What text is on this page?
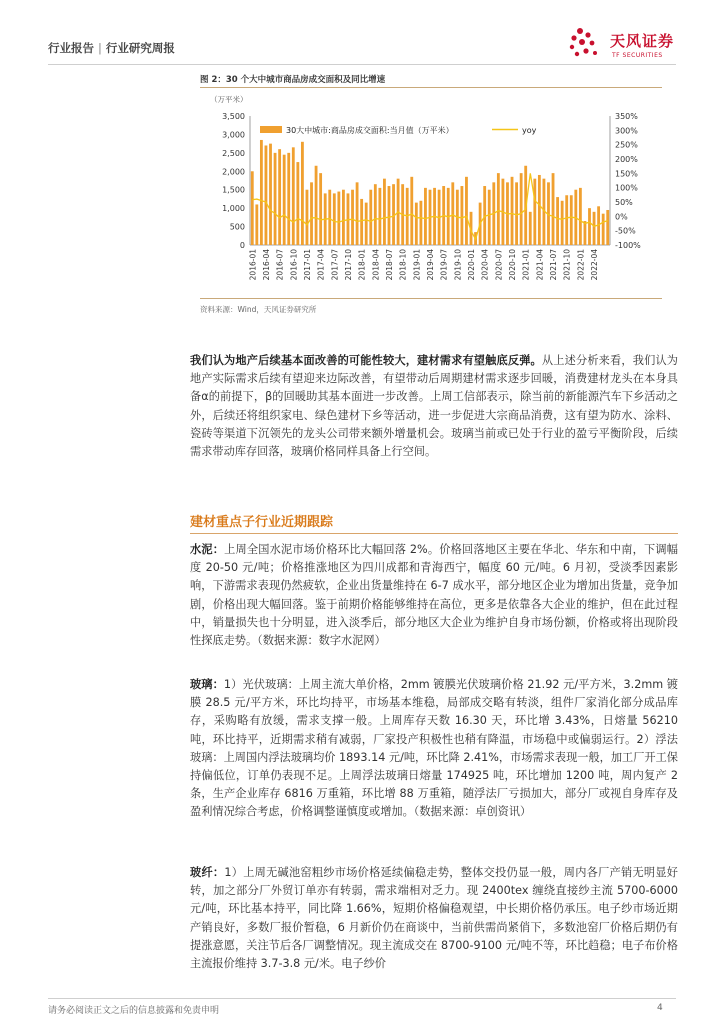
行业报告 | 行业研究周报	天风证券
TF SECURITIES
图 2：30 个大中城市商品房成交面积及同比增速
（万平米）
3,500
3,000
2,500
2,000
1,500
1,000
500
0
350%
300%
250%
200%
150%
100%
50%
0%
-50%
-100%
2016-01 2016-04 2016-07 2016-10 2017-01 2017-04 2017-07 2017-10 2018-01 2018-04 2018-07 2018-10 2019-01 2019-04 2019-07 2019-10 2020-01 2020-04 2020-07 2020-10 2021-01 2021-04 2021-07 2021-10 2022-01 2022-04
30大中城市:商品房成交面积:当月值（万平米）	yoy
资料来源：Wind，天风证券研究所
我们认为地产后续基本面改善的可能性较大，建材需求有望触底反弹。从上述分析来看，我们认为地产实际需求后续有望迎来边际改善，有望带动后周期建材需求逐步回暖，消费建材龙头在本身具备α的前提下，β的回暖助其基本面进一步改善。上周工信部表示，除当前的新能源汽车下乡活动之外，后续还将组织家电、绿色建材下乡等活动，进一步促进大宗商品消费，这有望为防水、涂料、瓷砖等渠道下沉领先的龙头公司带来额外增量机会。玻璃当前或已处于行业的盈亏平衡阶段，后续需求带动库存回落，玻璃价格同样具备上行空间。
建材重点子行业近期跟踪
水泥：上周全国水泥市场价格环比大幅回落 2%。价格回落地区主要在华北、华东和中南，下调幅度 20-50 元/吨；价格推涨地区为四川成都和青海西宁，幅度 60 元/吨。6 月初，受淡季因素影响，下游需求表现仍然疲软，企业出货量维持在 6-7 成水平，部分地区企业为增加出货量，竞争加剧，价格出现大幅回落。鉴于前期价格能够维持在高位，更多是依靠各大企业的维护，但在此过程中，销量损失也十分明显，进入淡季后，部分地区大企业为维护自身市场份额，价格或将出现阶段性探底走势。（数据来源：数字水泥网）
玻璃：1）光伏玻璃：上周主流大单价格，2mm 镀膜光伏玻璃价格 21.92 元/平方米，3.2mm 镀膜 28.5 元/平方米，环比均持平，市场基本维稳，局部成交略有转淡，组件厂家消化部分成品库存，采购略有放缓，需求支撑一般。上周库存天数 16.30 天，环比增 3.43%，日熔量 56210 吨，环比持平，近期需求稍有减弱，厂家投产积极性也稍有降温，市场稳中或偏弱运行。2）浮法玻璃：上周国内浮法玻璃均价 1893.14 元/吨，环比降 2.41%，市场需求表现一般，加工厂开工保持偏低位，订单仍表现不足。上周浮法玻璃日熔量 174925 吨，环比增加 1200 吨，周内复产 2 条，生产企业库存 6816 万重箱，环比增 88 万重箱，随浮法厂亏损加大，部分厂或视自身库存及盈利情况综合考虑，价格调整谨慎度或增加。（数据来源：卓创资讯）
玻纤：1）上周无碱池窑粗纱市场价格延续偏稳走势，整体交投仍显一般，周内各厂产销无明显好转，加之部分厂外贸订单亦有转弱，需求端相对乏力。现 2400tex 缠绕直接纱主流 5700-6000 元/吨，环比基本持平，同比降 1.66%，短期价格偏稳观望，中长期价格仍承压。电子纱市场近期产销良好，多数厂报价暂稳，6 月新价仍在商谈中，当前供需尚紧俏下，多数池窑厂价格后期仍有提涨意愿，关注节后各厂调整情况。现主流成交在 8700-9100 元/吨不等，环比趋稳；电子布价格主流报价维持 3.7-3.8 元/米。电子纱价
请务必阅读正文之后的信息披露和免责申明	4
